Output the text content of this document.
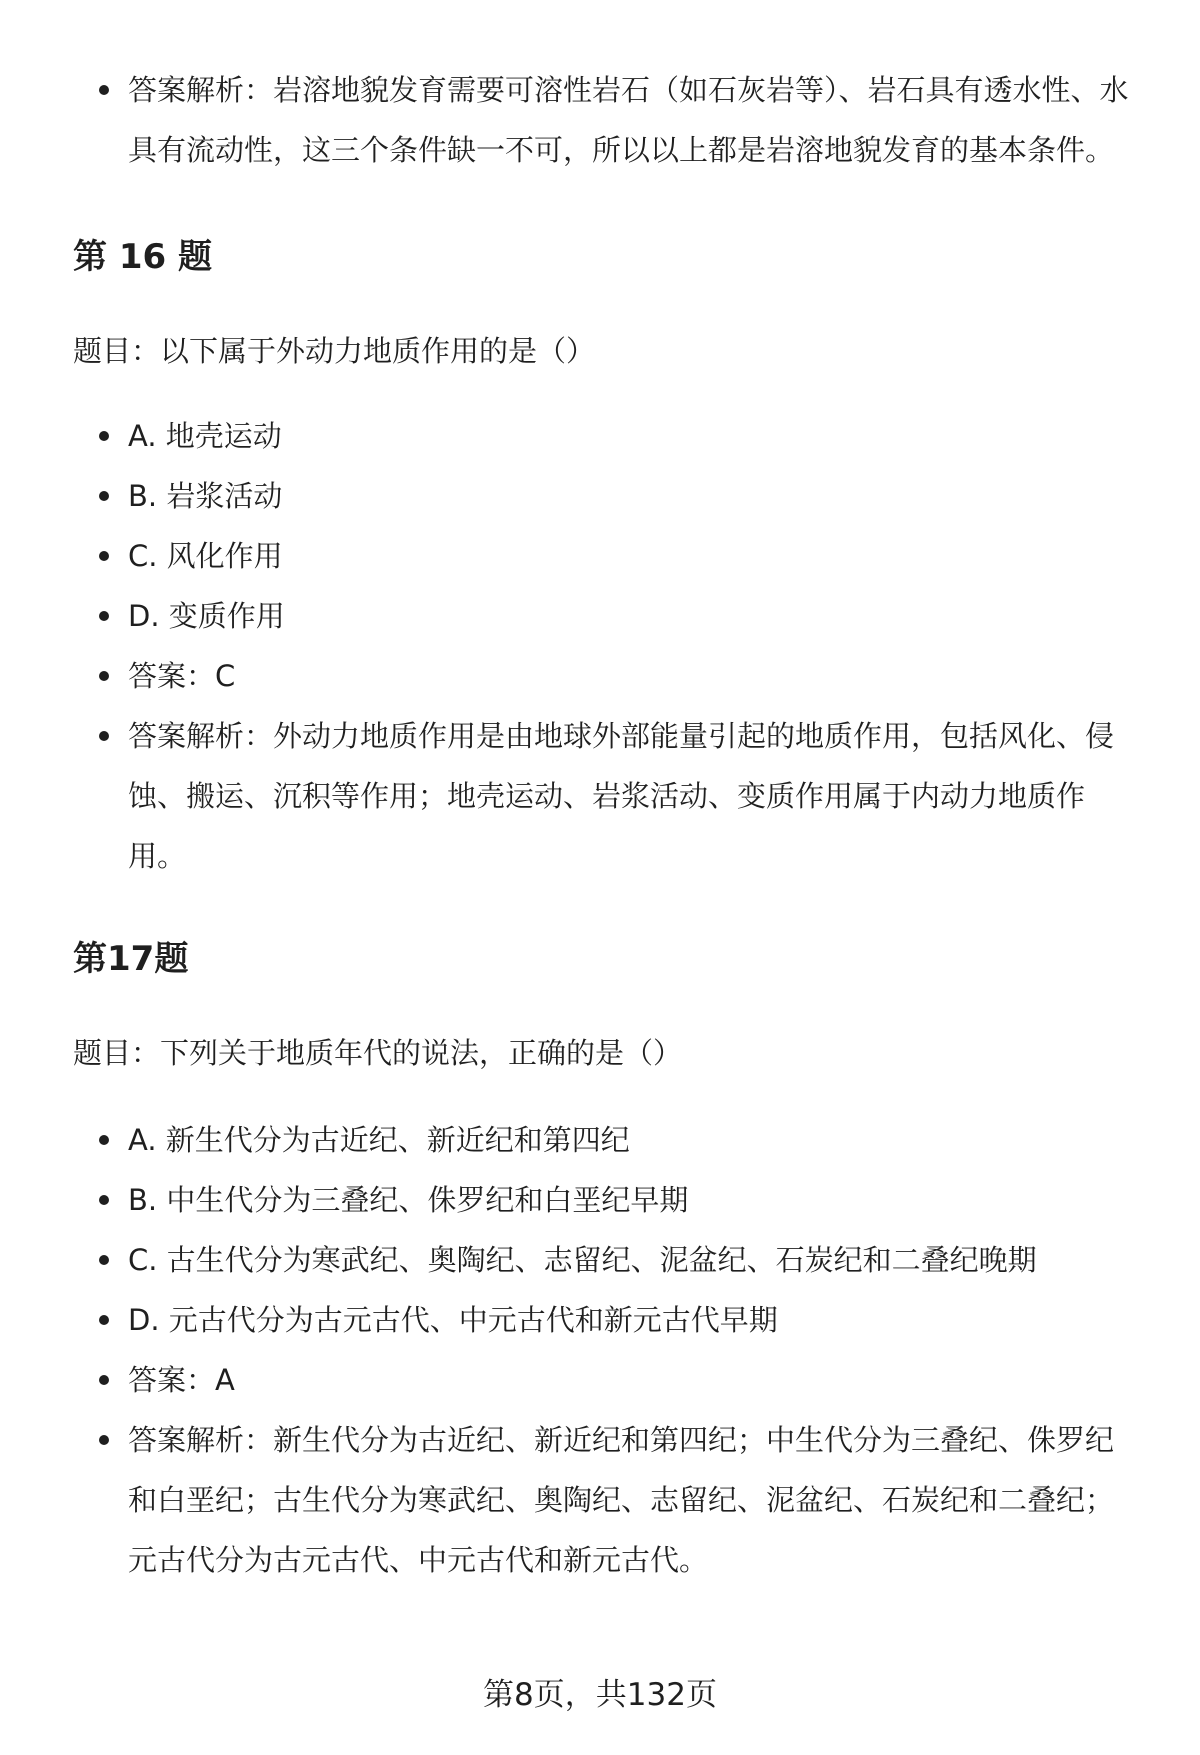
答案解析：岩溶地貌发育需要可溶性岩石（如石灰岩等）、岩石具有透水性、水具有流动性，这三个条件缺一不可，所以以上都是岩溶地貌发育的基本条件。
第 16 题

题目：以下属于外动力地质作用的是（）

A. 地壳运动
B. 岩浆活动
C. 风化作用
D. 变质作用
答案：C
答案解析：外动力地质作用是由地球外部能量引起的地质作用，包括风化、侵蚀、搬运、沉积等作用；地壳运动、岩浆活动、变质作用属于内动力地质作用。
第17题

题目：下列关于地质年代的说法，正确的是（）

A. 新生代分为古近纪、新近纪和第四纪
B. 中生代分为三叠纪、侏罗纪和白垩纪早期
C. 古生代分为寒武纪、奥陶纪、志留纪、泥盆纪、石炭纪和二叠纪晚期
D. 元古代分为古元古代、中元古代和新元古代早期
答案：A
答案解析：新生代分为古近纪、新近纪和第四纪；中生代分为三叠纪、侏罗纪和白垩纪；古生代分为寒武纪、奥陶纪、志留纪、泥盆纪、石炭纪和二叠纪；元古代分为古元古代、中元古代和新元古代。
第8页，共132页
